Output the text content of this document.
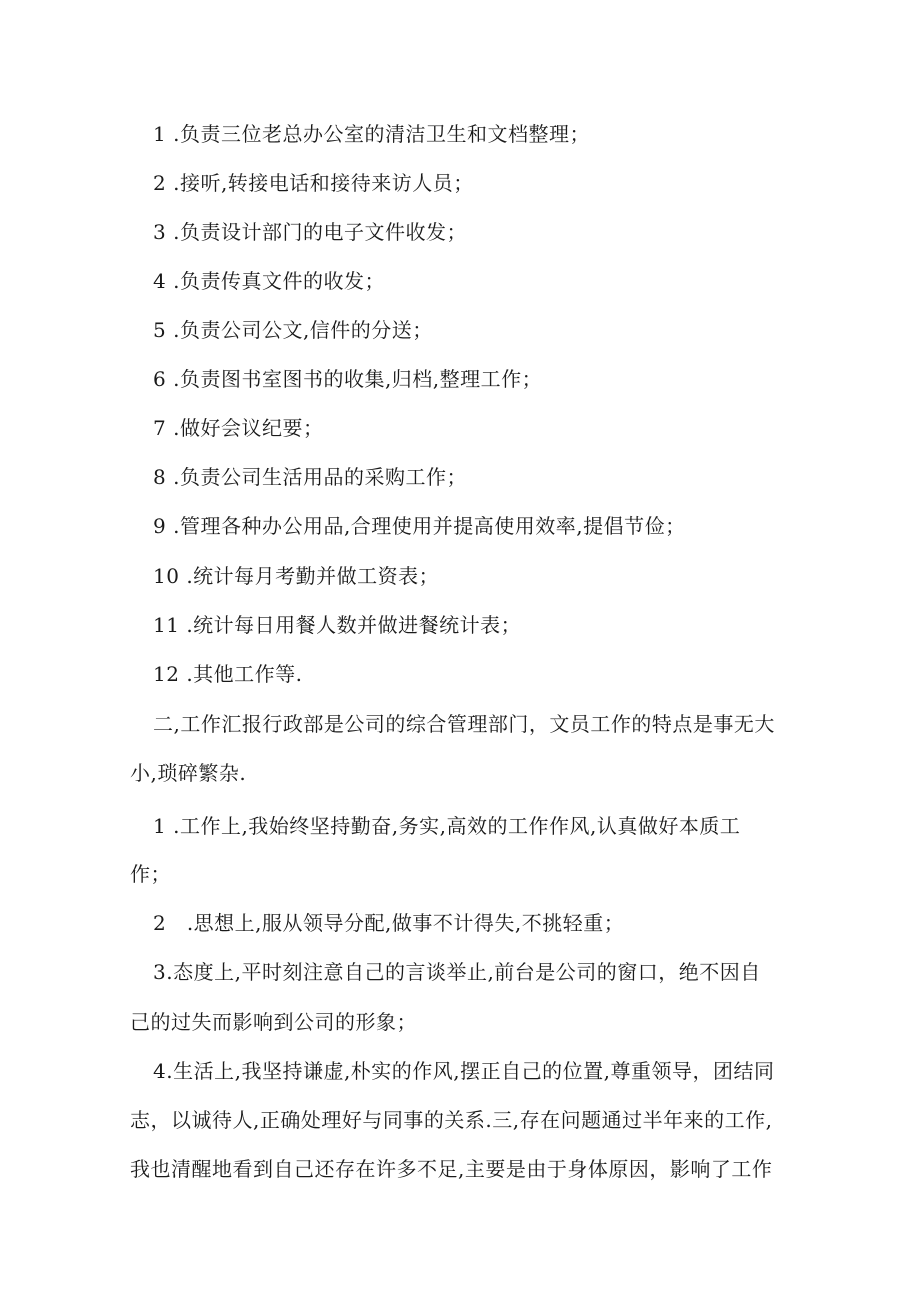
1 .负责三位老总办公室的清洁卫生和文档整理；
2 .接听,转接电话和接待来访人员；
3 .负责设计部门的电子文件收发；
4 .负责传真文件的收发；
5 .负责公司公文,信件的分送；
6 .负责图书室图书的收集,归档,整理工作；
7 .做好会议纪要；
8 .负责公司生活用品的采购工作；
9 .管理各种办公用品,合理使用并提高使用效率,提倡节俭；
10 .统计每月考勤并做工资表；
11 .统计每日用餐人数并做进餐统计表；
12 .其他工作等.
二,工作汇报行政部是公司的综合管理部门，文员工作的特点是事无大
小,琐碎繁杂.
1 .工作上,我始终坚持勤奋,务实,高效的工作作风,认真做好本质工
作；
2 .思想上,服从领导分配,做事不计得失,不挑轻重；
3.态度上,平时刻注意自己的言谈举止,前台是公司的窗口，绝不因自
己的过失而影响到公司的形象；
4.生活上,我坚持谦虚,朴实的作风,摆正自己的位置,尊重领导，团结同
志，以诚待人,正确处理好与同事的关系.三,存在问题通过半年来的工作,
我也清醒地看到自己还存在许多不足,主要是由于身体原因，影响了工作
